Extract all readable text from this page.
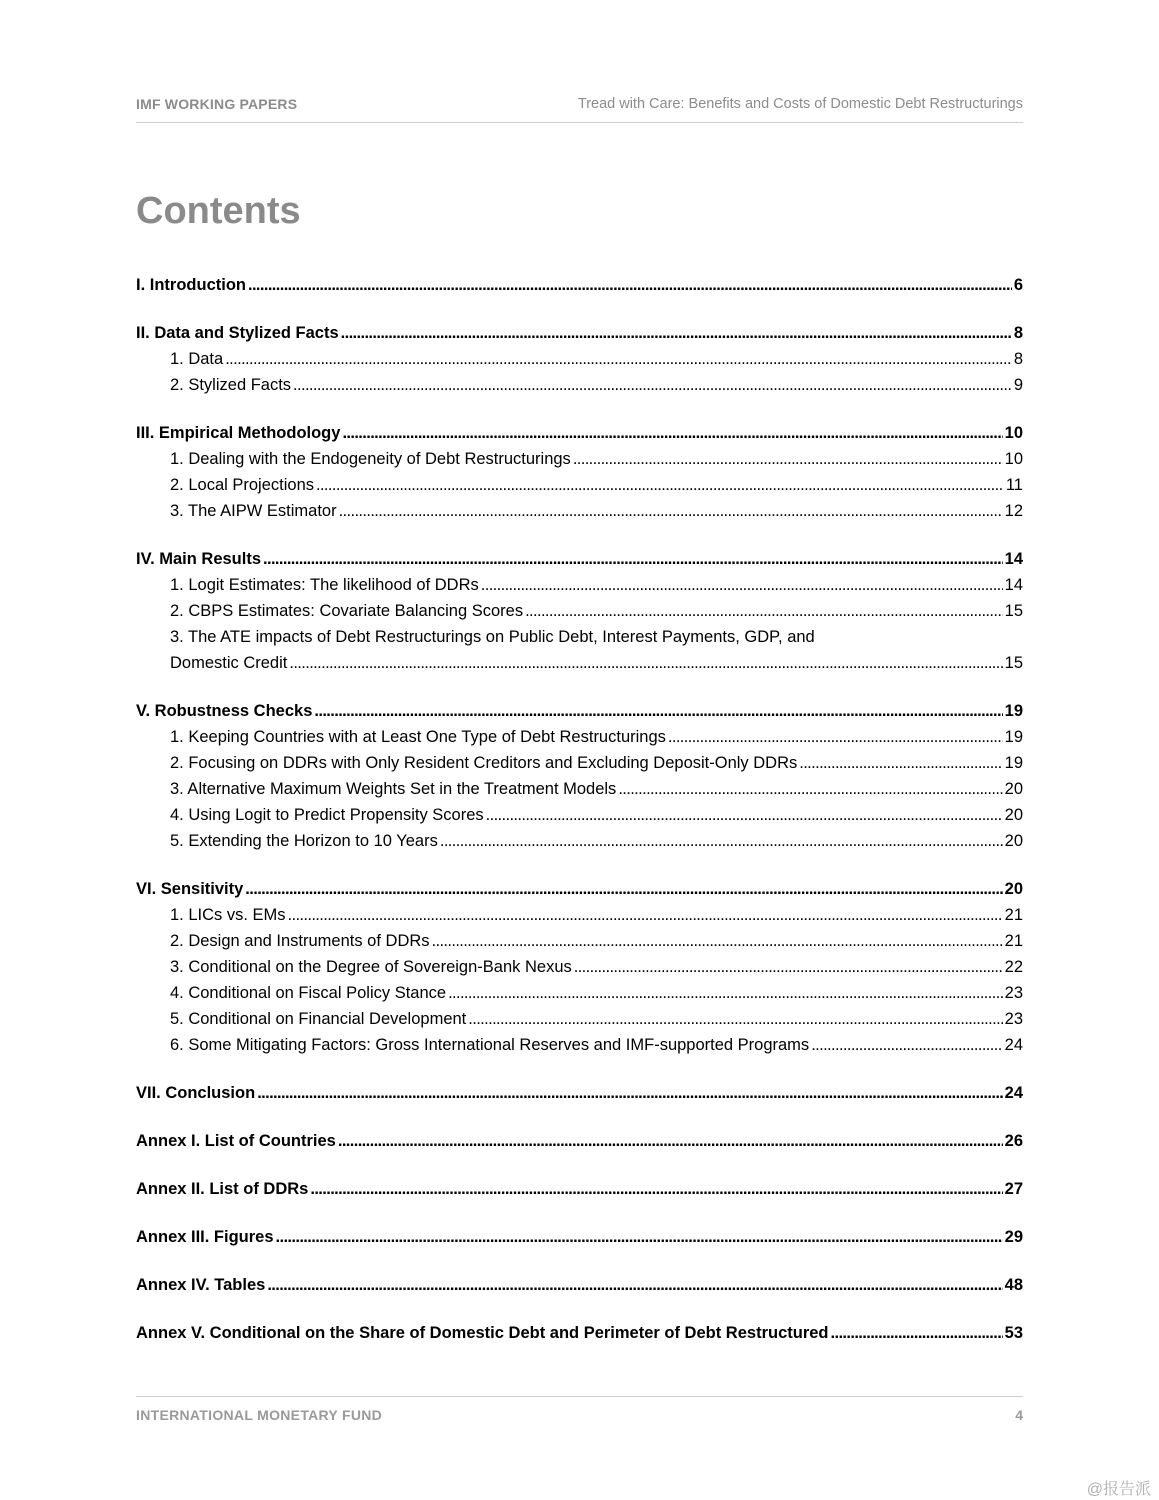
IMF WORKING PAPERS	Tread with Care: Benefits and Costs of Domestic Debt Restructurings
Contents
I. Introduction . . .	6
II. Data and Stylized Facts . . .	8
1. Data . . .	8
2. Stylized Facts . . .	9
III. Empirical Methodology . . .	10
1. Dealing with the Endogeneity of Debt Restructurings . . .	10
2. Local Projections . . .	11
3. The AIPW Estimator . . .	12
IV. Main Results . . .	14
1. Logit Estimates: The likelihood of DDRs . . .	14
2. CBPS Estimates: Covariate Balancing Scores . . .	15
3. The ATE impacts of Debt Restructurings on Public Debt, Interest Payments, GDP, and
Domestic Credit . . .	15
V. Robustness Checks . . .	19
1. Keeping Countries with at Least One Type of Debt Restructurings . . .	19
2. Focusing on DDRs with Only Resident Creditors and Excluding Deposit-Only DDRs . . .	19
3. Alternative Maximum Weights Set in the Treatment Models . . .	20
4. Using Logit to Predict Propensity Scores . . .	20
5. Extending the Horizon to 10 Years . . .	20
VI. Sensitivity . . .	20
1. LICs vs. EMs . . .	21
2. Design and Instruments of DDRs . . .	21
3. Conditional on the Degree of Sovereign-Bank Nexus . . .	22
4. Conditional on Fiscal Policy Stance . . .	23
5. Conditional on Financial Development . . .	23
6. Some Mitigating Factors: Gross International Reserves and IMF-supported Programs . . .	24
VII. Conclusion . . .	24
Annex I. List of Countries . . .	26
Annex II. List of DDRs . . .	27
Annex III. Figures . . .	29
Annex IV. Tables . . .	48
Annex V. Conditional on the Share of Domestic Debt and Perimeter of Debt Restructured . . .	53
INTERNATIONAL MONETARY FUND	4
@报告派
